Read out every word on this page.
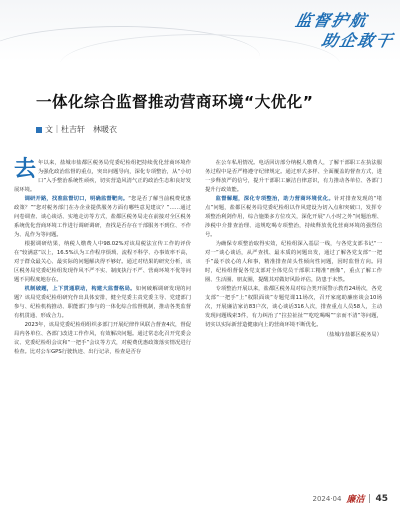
监督护航
助企敢干
一体化综合监督推动营商环境“大优化”
文｜杜吉轩　林暖衣

去年以来，盐城市盐都区税务局党委纪检组把持续优化营商环境作为强化政治监督的重点，突出问题导向，深化专项整治，从“小切口”入手整治系统性顽疾，切实营造风清气正的政治生态和良好发展环境。

调研开路，找准监督切口，明确监督靶向。“您是否了解当前税费优惠政策？”“您对税务部门在办企业提供服务方面有哪些意见建议？”……通过问卷调查、谈心谈话、实地走访等方式，盐都区税务局走在前接对全区税务系统优化营商环境工作进行调研调研，查找是否存在干部服务不到位、不作为、乱作为等问题。

根据调研结果，纳税人缴费人中98.02%对该局税法宣传工作的评价在“较满意”以上，16.5%认为工作程序烦琐、流程不科学、办事效率不高，对于群众最关心、最实际的问题解决得不够好。通过对结果的研究分析，该区税务局党委纪检组发现作风不严不实、制度执行不严、营商环境不优等问题不同程度地存在。

机制破题，上下贯通联动，构建大监督格局。如何破解调研发现的问题？该局党委纪检组研究作出具体安排，健全党委主责党委主导、党建部门参与、纪检机构推动、职能部门参与的一体化综合监督机制，推动各类监督有机贯通、形成合力。

2023年，该局党委纪检组组织多部门开展纪律作风联合督查4次，督促局内各单位、各部门改进工作作风，有效解决问题。通过常态化召开党委会议、党委纪检组会议和“一把手”会议等方式，对税费优惠政策落实情况进行检查。比对公车GPS行驶轨迹、出行记录，检查是否存

在公车私用情况。电话回访部分纳税人缴费人，了解干部职工在执法服务过程中是否严格遵守纪律规定。通过形式多样、全面覆盖的督查方式，进一步释放严的信号，提升干部职工廉洁自律意识，有力推动各单位、各部门提升行政效能。

监督解题，深化专项整治，助力营商环境优化。针对排查发现的“堵点”问题，盐都区税务局党委纪检组以作风建设为切入点和突破口，发挥专项整治利剑作用，综合施策多方位攻关，深化开展“八小时之外”问题治理、涉税中介排查治理、违规吃喝专项整治，持续释放优化营商环境的强烈信号。

为确保专项整治取得实效，纪检组深入基层一线，与各党支部书记“一对一”谈心谈话，从严查找、最本质的问题出发，通过了解各党支部“一把手”最不放心的人和事，精准排查苗头性倾向性问题，因时监督方向。同时，纪检组督促各党支部对全体党员干部职工精准“画像”，重点了解工作圈、生活圈、朋友圈，提醒其对做好风险评估，防患于未然。

专项整治开展以来，盐都区税务局对综合类开展警示教育24场次，各党支部“一把手”上“权限面谈”专题党课11场次，召开家庭助廉座谈会10场次，开展廉洁家访83户次，谈心谈话316人次，排查重点人员58人，主动发现问题线索3件，有力纠治了“拉拉扯扯”“吃吃喝喝”“亲而不清”等问题，切实以实际新营造健康向上的营商环境不断优化。

（盐城市盐都区税务局）

2024·04 廉洁 45
